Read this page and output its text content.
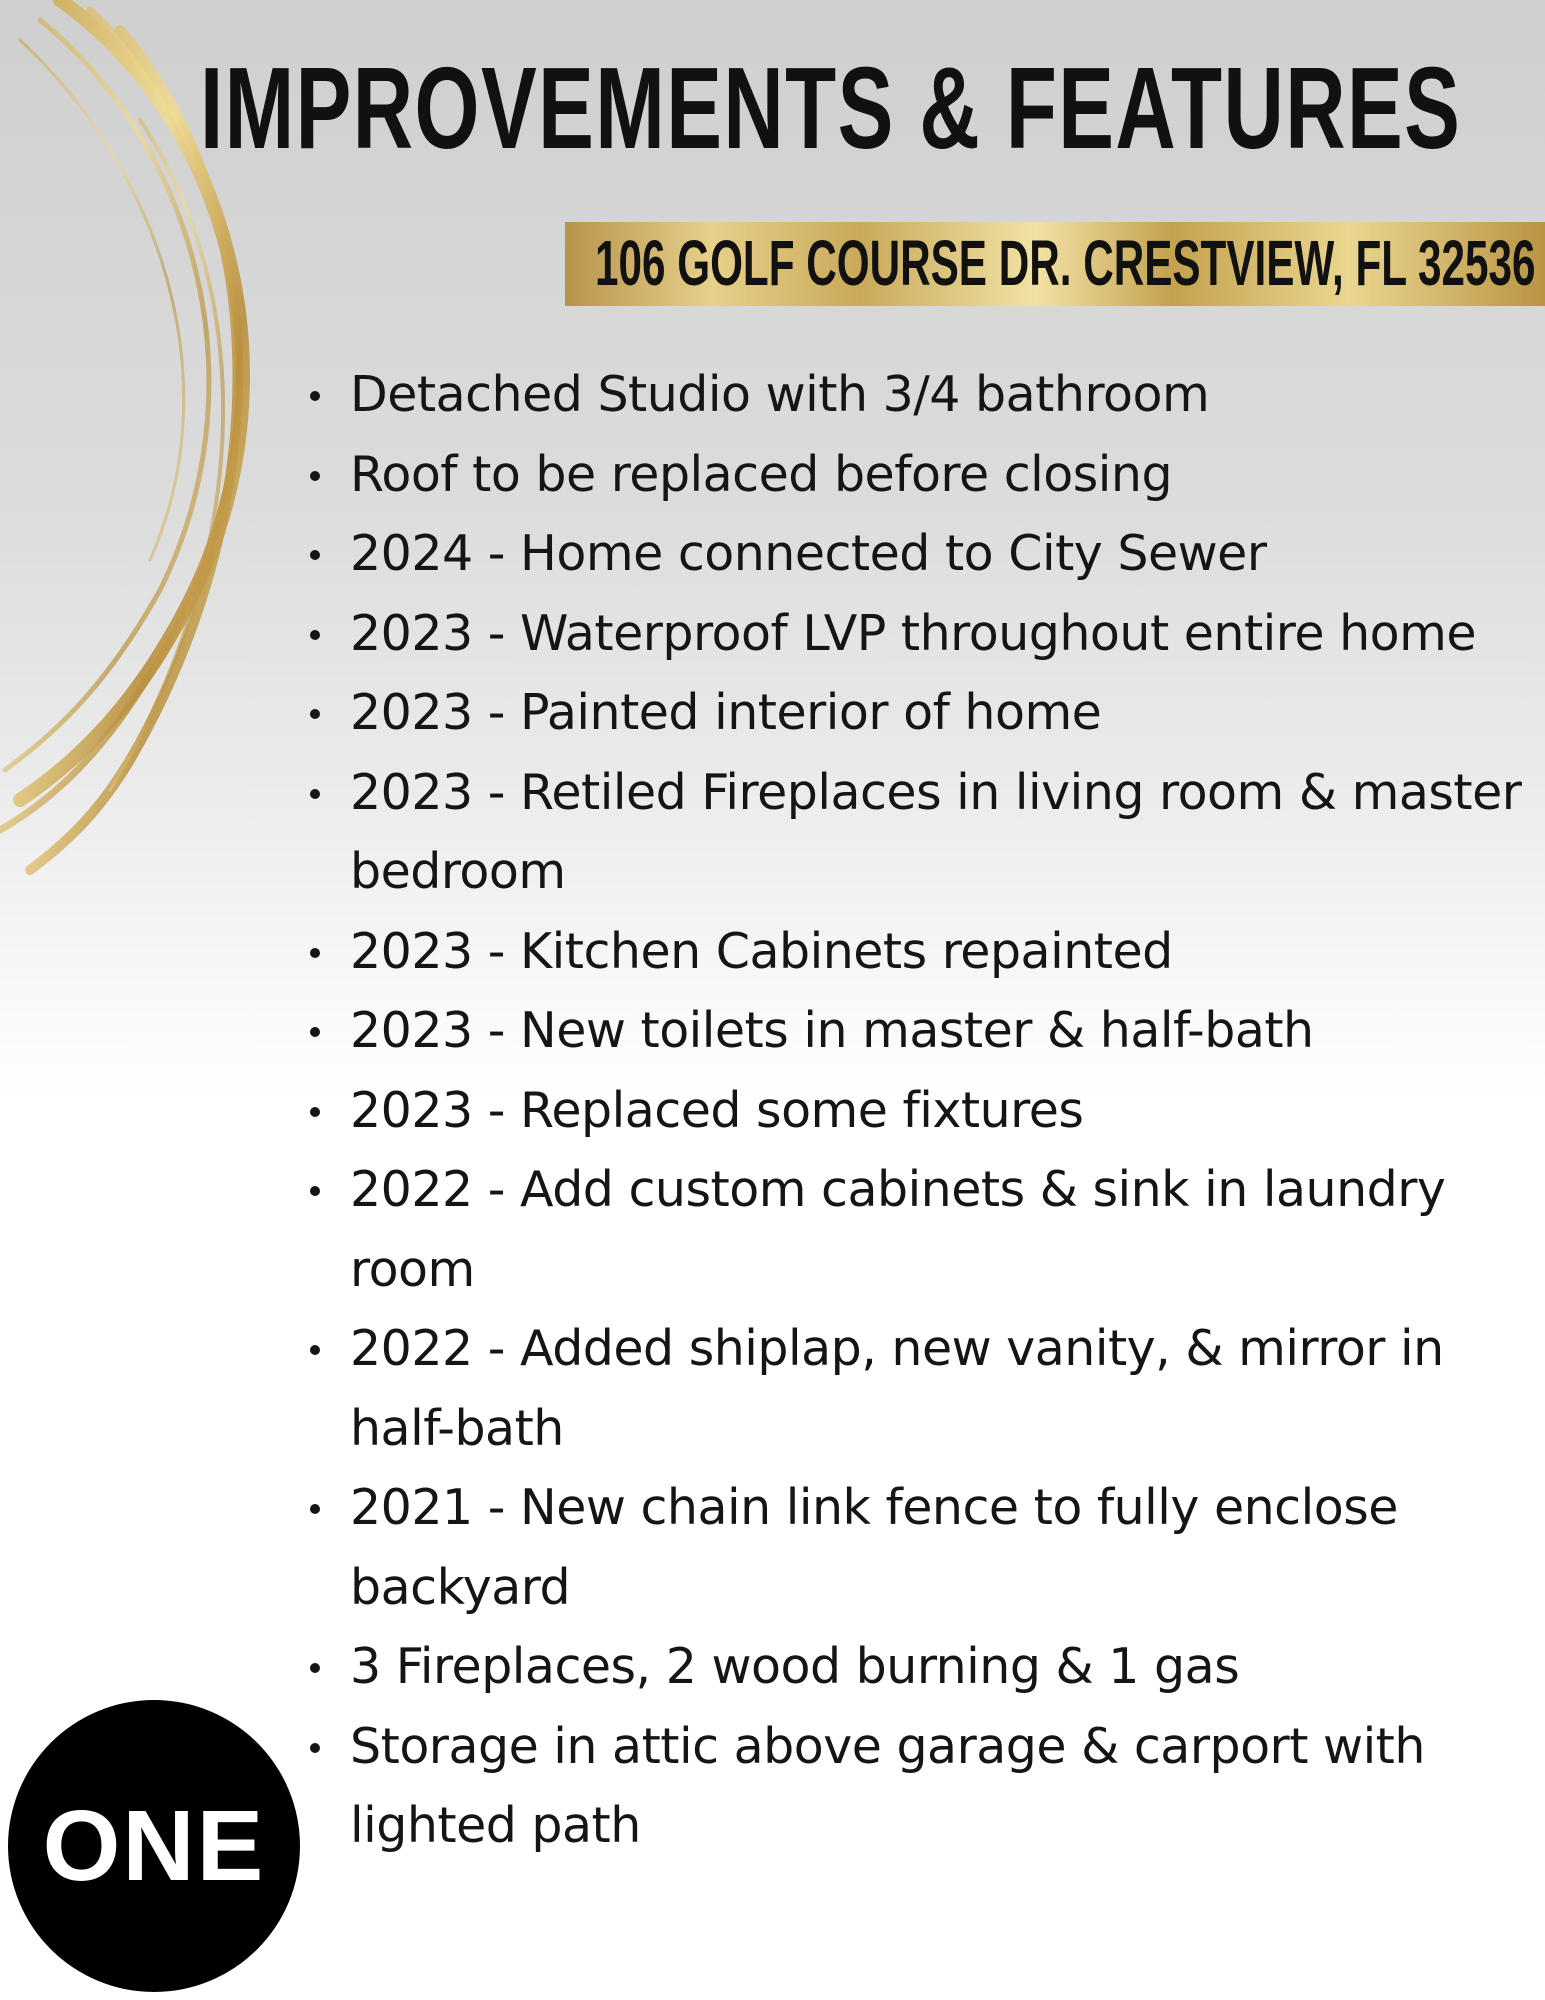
IMPROVEMENTS & FEATURES
106 GOLF COURSE DR. CRESTVIEW, FL 32536
Detached Studio with 3/4 bathroom
Roof to be replaced before closing
2024 - Home connected to City Sewer
2023 - Waterproof LVP throughout entire home
2023 - Painted interior of home
2023 - Retiled Fireplaces in living room & master bedroom
2023 - Kitchen Cabinets repainted
2023 - New toilets in master & half-bath
2023 - Replaced some fixtures
2022 - Add custom cabinets & sink in laundry room
2022 - Added shiplap, new vanity, & mirror in half-bath
2021 - New chain link fence to fully enclose backyard
3 Fireplaces, 2 wood burning & 1 gas
Storage in attic above garage & carport with lighted path
ONE
